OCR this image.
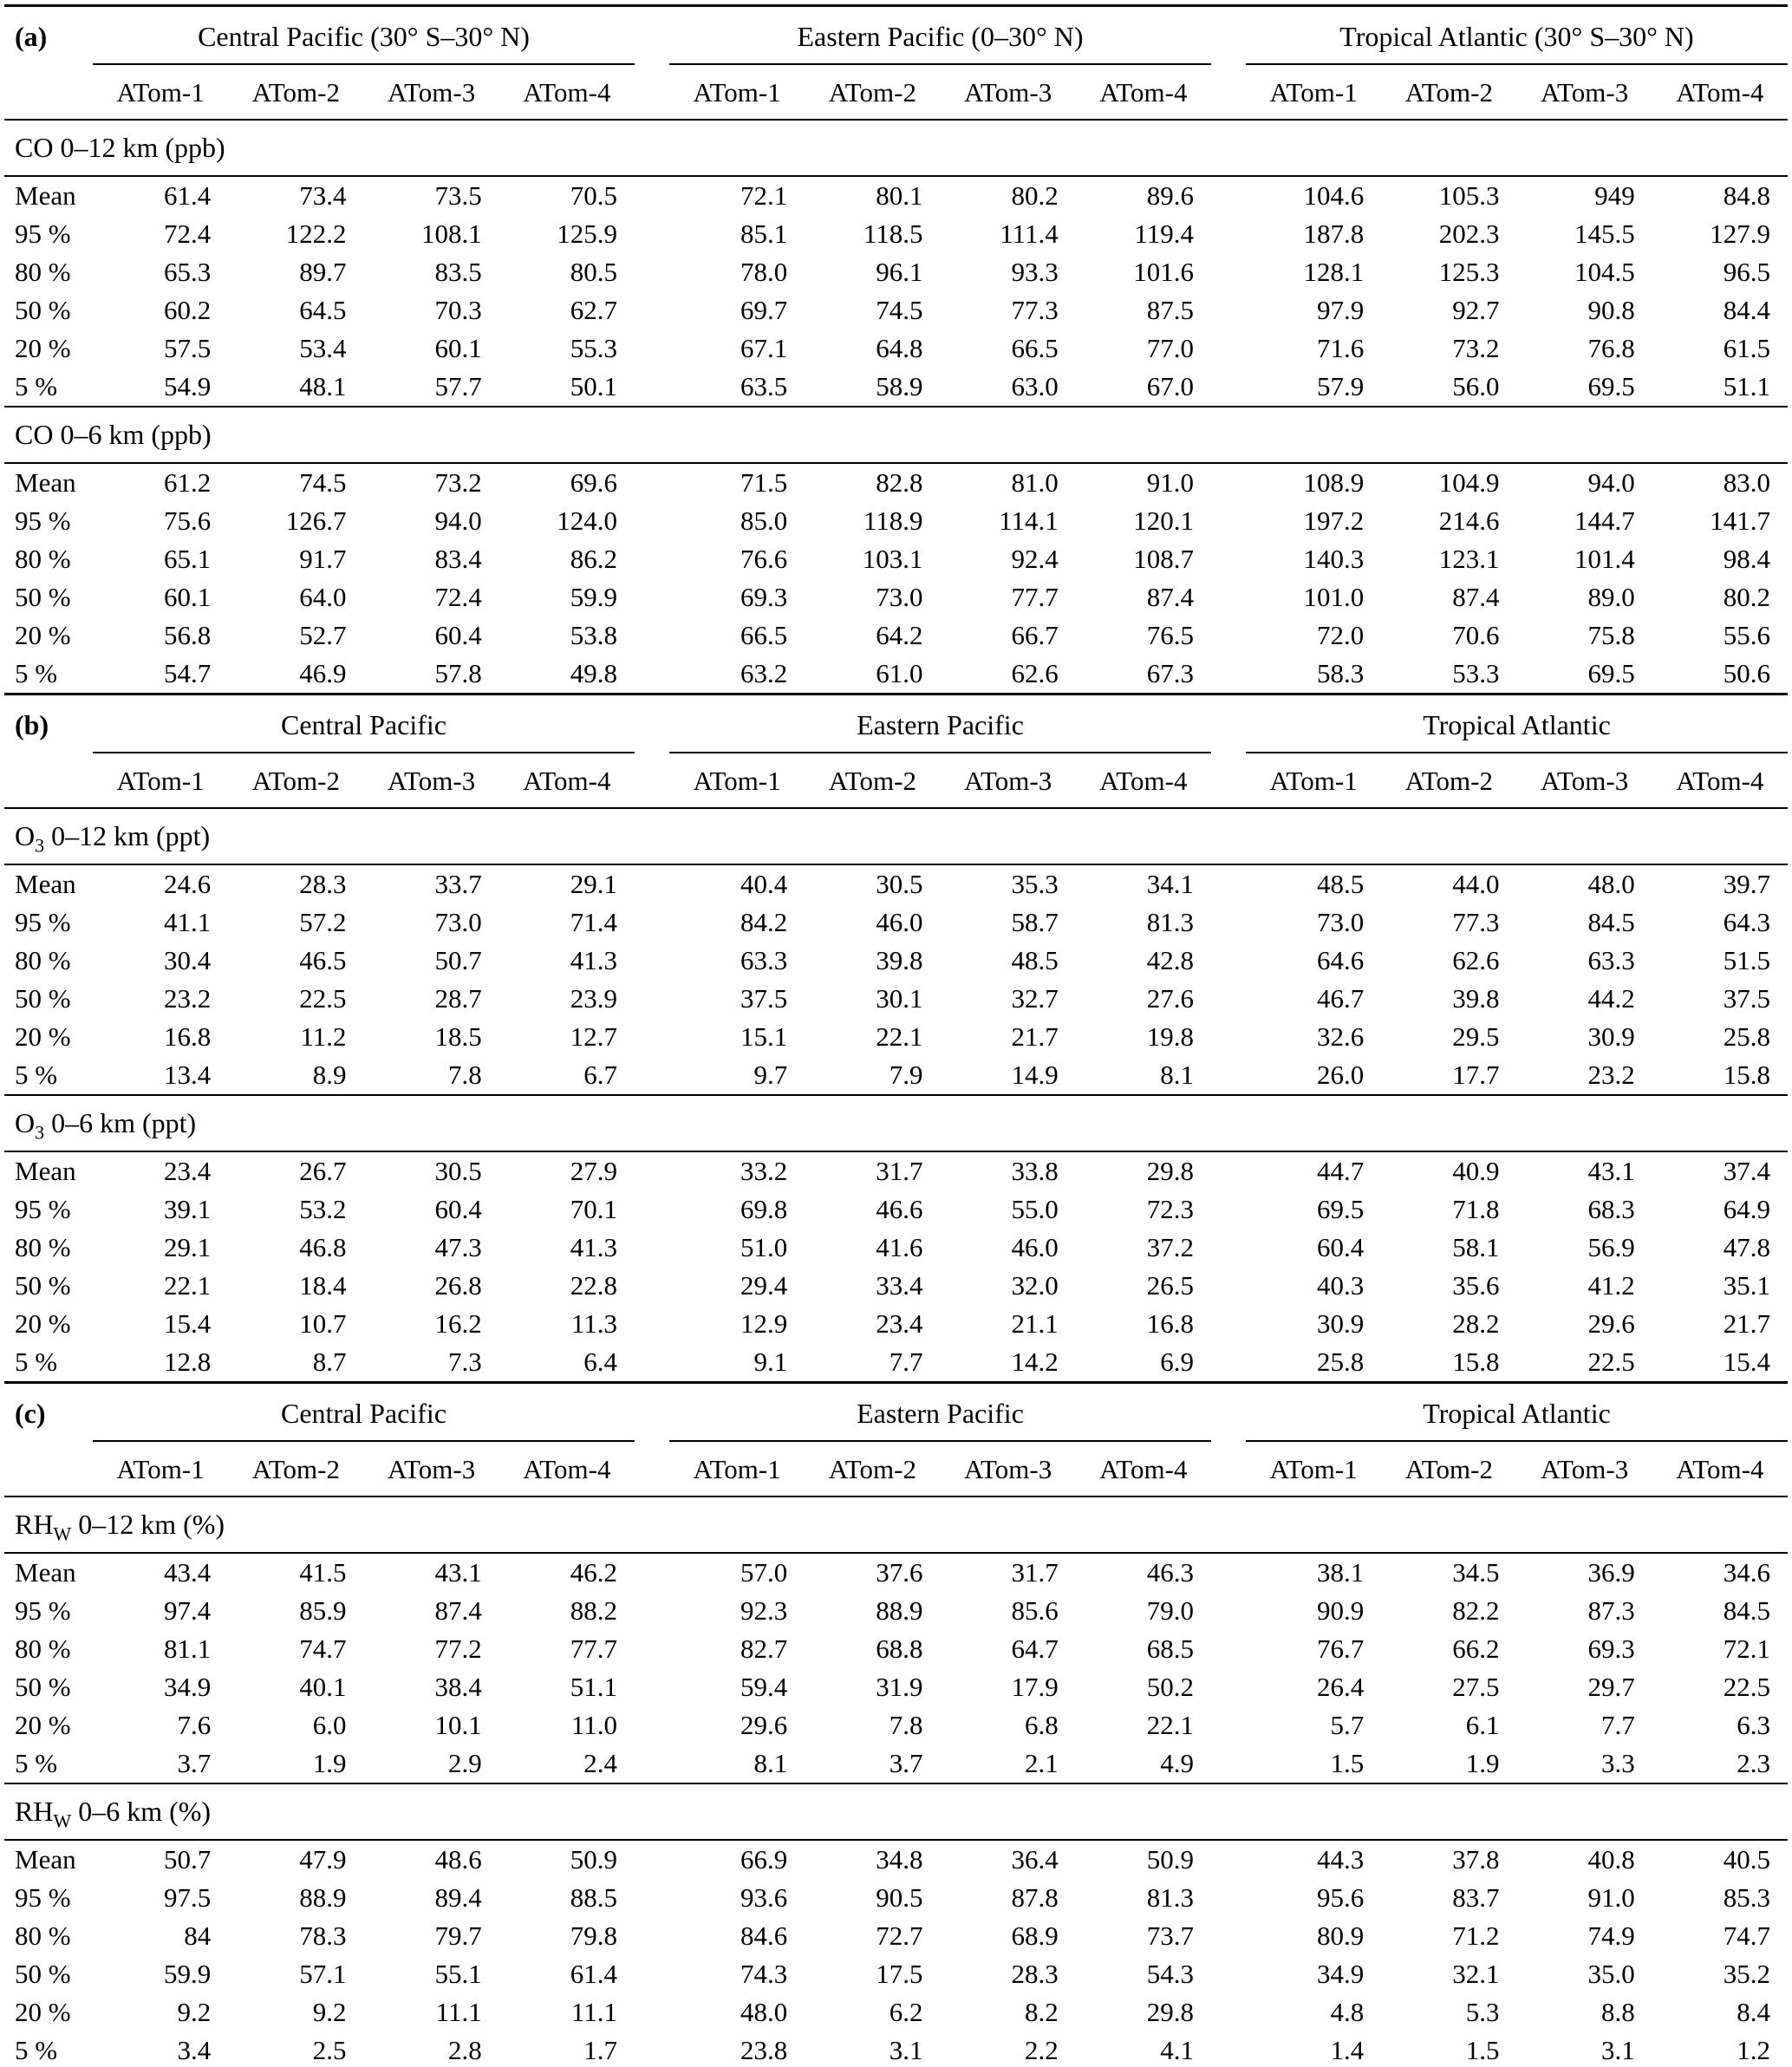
(a)	Central Pacific (30° S–30° N)	Eastern Pacific (0–30° N)	Tropical Atlantic (30° S–30° N)
ATom-1	ATom-2	ATom-3	ATom-4	ATom-1	ATom-2	ATom-3	ATom-4	ATom-1	ATom-2	ATom-3	ATom-4
CO 0–12 km (ppb)
Mean	61.4	73.4	73.5	70.5	72.1	80.1	80.2	89.6	104.6	105.3	949	84.8
95 %	72.4	122.2	108.1	125.9	85.1	118.5	111.4	119.4	187.8	202.3	145.5	127.9
80 %	65.3	89.7	83.5	80.5	78.0	96.1	93.3	101.6	128.1	125.3	104.5	96.5
50 %	60.2	64.5	70.3	62.7	69.7	74.5	77.3	87.5	97.9	92.7	90.8	84.4
20 %	57.5	53.4	60.1	55.3	67.1	64.8	66.5	77.0	71.6	73.2	76.8	61.5
5 %	54.9	48.1	57.7	50.1	63.5	58.9	63.0	67.0	57.9	56.0	69.5	51.1
CO 0–6 km (ppb)
Mean	61.2	74.5	73.2	69.6	71.5	82.8	81.0	91.0	108.9	104.9	94.0	83.0
95 %	75.6	126.7	94.0	124.0	85.0	118.9	114.1	120.1	197.2	214.6	144.7	141.7
80 %	65.1	91.7	83.4	86.2	76.6	103.1	92.4	108.7	140.3	123.1	101.4	98.4
50 %	60.1	64.0	72.4	59.9	69.3	73.0	77.7	87.4	101.0	87.4	89.0	80.2
20 %	56.8	52.7	60.4	53.8	66.5	64.2	66.7	76.5	72.0	70.6	75.8	55.6
5 %	54.7	46.9	57.8	49.8	63.2	61.0	62.6	67.3	58.3	53.3	69.5	50.6
(b)	Central Pacific	Eastern Pacific	Tropical Atlantic
ATom-1	ATom-2	ATom-3	ATom-4	ATom-1	ATom-2	ATom-3	ATom-4	ATom-1	ATom-2	ATom-3	ATom-4
$O_3$ 0–12 km (ppt)
Mean	24.6	28.3	33.7	29.1	40.4	30.5	35.3	34.1	48.5	44.0	48.0	39.7
95 %	41.1	57.2	73.0	71.4	84.2	46.0	58.7	81.3	73.0	77.3	84.5	64.3
80 %	30.4	46.5	50.7	41.3	63.3	39.8	48.5	42.8	64.6	62.6	63.3	51.5
50 %	23.2	22.5	28.7	23.9	37.5	30.1	32.7	27.6	46.7	39.8	44.2	37.5
20 %	16.8	11.2	18.5	12.7	15.1	22.1	21.7	19.8	32.6	29.5	30.9	25.8
5 %	13.4	8.9	7.8	6.7	9.7	7.9	14.9	8.1	26.0	17.7	23.2	15.8
$O_3$ 0–6 km (ppt)
Mean	23.4	26.7	30.5	27.9	33.2	31.7	33.8	29.8	44.7	40.9	43.1	37.4
95 %	39.1	53.2	60.4	70.1	69.8	46.6	55.0	72.3	69.5	71.8	68.3	64.9
80 %	29.1	46.8	47.3	41.3	51.0	41.6	46.0	37.2	60.4	58.1	56.9	47.8
50 %	22.1	18.4	26.8	22.8	29.4	33.4	32.0	26.5	40.3	35.6	41.2	35.1
20 %	15.4	10.7	16.2	11.3	12.9	23.4	21.1	16.8	30.9	28.2	29.6	21.7
5 %	12.8	8.7	7.3	6.4	9.1	7.7	14.2	6.9	25.8	15.8	22.5	15.4
(c)	Central Pacific	Eastern Pacific	Tropical Atlantic
ATom-1	ATom-2	ATom-3	ATom-4	ATom-1	ATom-2	ATom-3	ATom-4	ATom-1	ATom-2	ATom-3	ATom-4
$RH_W$ 0–12 km (%)
Mean	43.4	41.5	43.1	46.2	57.0	37.6	31.7	46.3	38.1	34.5	36.9	34.6
95 %	97.4	85.9	87.4	88.2	92.3	88.9	85.6	79.0	90.9	82.2	87.3	84.5
80 %	81.1	74.7	77.2	77.7	82.7	68.8	64.7	68.5	76.7	66.2	69.3	72.1
50 %	34.9	40.1	38.4	51.1	59.4	31.9	17.9	50.2	26.4	27.5	29.7	22.5
20 %	7.6	6.0	10.1	11.0	29.6	7.8	6.8	22.1	5.7	6.1	7.7	6.3
5 %	3.7	1.9	2.9	2.4	8.1	3.7	2.1	4.9	1.5	1.9	3.3	2.3
$RH_W$ 0–6 km (%)
Mean	50.7	47.9	48.6	50.9	66.9	34.8	36.4	50.9	44.3	37.8	40.8	40.5
95 %	97.5	88.9	89.4	88.5	93.6	90.5	87.8	81.3	95.6	83.7	91.0	85.3
80 %	84	78.3	79.7	79.8	84.6	72.7	68.9	73.7	80.9	71.2	74.9	74.7
50 %	59.9	57.1	55.1	61.4	74.3	17.5	28.3	54.3	34.9	32.1	35.0	35.2
20 %	9.2	9.2	11.1	11.1	48.0	6.2	8.2	29.8	4.8	5.3	8.8	8.4
5 %	3.4	2.5	2.8	1.7	23.8	3.1	2.2	4.1	1.4	1.5	3.1	1.2
